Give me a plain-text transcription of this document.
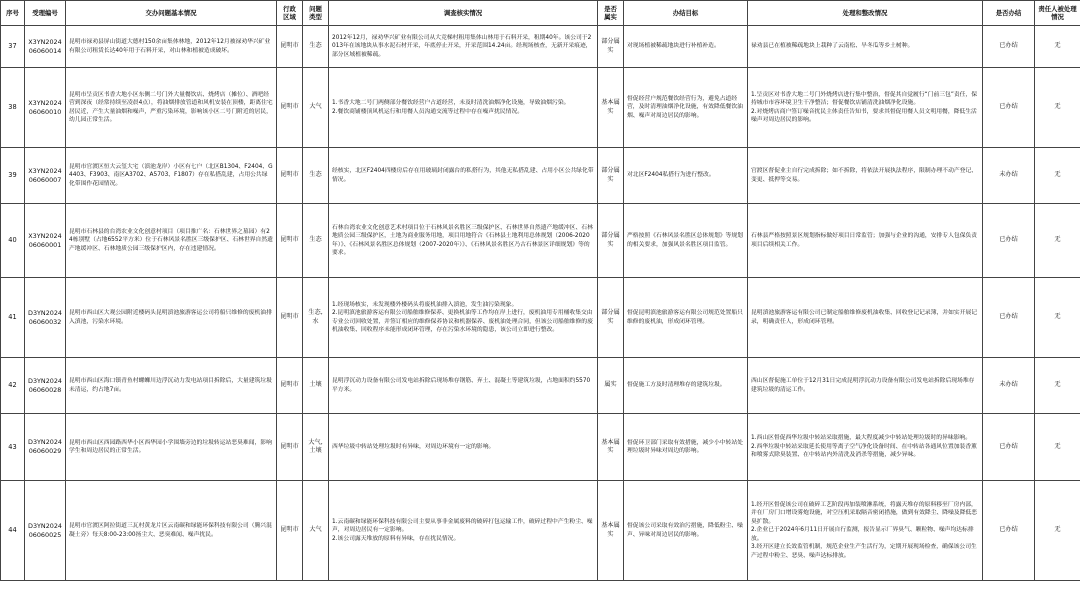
序号	受理编号	交办问题基本情况	行政区域	问题类型	调查核实情况	是否属实	办结目标	处理和整改情况	是否办结	责任人被处理情况
37	X3YN2024 06060014	昆明市禄劝县屏山街道大德村150余亩集体林地，2012年12月被禄劝华兴矿业有限公司租赁长达40年用于石料开采，对山林和植被造成破坏。	昆明市	生态	2012年12月，禄劝华兴矿业有限公司从大竞梯村租用集体山林用于石料开采，租期40年。该公司于2013年在该地块从事水泥石材开采，年底停止开采，开采范围14.24亩。经现场核查，无新开采痕迹，部分区域植被稀疏。	部分属实	对现场植被稀疏地块进行补植补造。	禄劝县已在植被稀疏地块上栽种了云南松、旱冬瓜等乡土树种。	已办结	无
38	X3YN2024 06060010	昆明市呈贡区书香大地小区东侧二号门外大量餐饮店、烧烤店（摊位）、酒吧经营到深夜（经常持续至凌晨4点），将油烟排放管道和风机安装在顶楼，距离住宅居民近，产生大量油烟和噪声，严重污染环境，影响该小区二号门附近的居民，幼儿园正常生活。	昆明市	大气	1.书香大地二号门两侧部分餐饮经营户占道经营，未及时清洗油烟净化设施，导致油烟污染。
2.餐饮商铺楼顶风机运行和用餐人员沟通交流等过程中存在噪声扰民情况。	基本属实	督促经营户规范餐饮经营行为，避免占道经营，及时清理油烟净化设施，有效降低餐饮油烟、噪声对周边居民的影响。	1.呈贡区对书香大地二号门外烧烤店进行集中整治，督促其自觉履行“门前三包”责任，保持城市市容环境卫生干净整洁；督促餐饮店铺清洗油烟净化设施。
2.对烧烤店商户签订噪音扰民主体责任告知书，要求其督促用餐人员文明用餐，降低生活噪声对周边居民的影响。	已办结	无
39	X3YN2024 06060007	昆明市官渡区恒大云玺大宅（滇池龙岸）小区有七户（北区B1304、F2404、G4403、F3903、南区A3702、A5703、F1807）存在私搭乱建，占用公共绿化带围作花园情况。	昆明市	生态	经核实，北区F2404四楼房后存在用玻璃封闭露台的私搭行为，其他无私搭乱建、占用小区公共绿化带情况。	部分属实	对北区F2404私搭行为进行整改。	官渡区督促业主自行完成拆除；如不拆除，将依法开展执法程序，限制办理不动产登记、变更、抵押等交易。	未办结	无
40	X3YN2024 06060001	昆明市石林县的台湾农业文化创意村项目（项目推广名：石林世界之墓园）有24栋别墅（占地6552平方米）位于石林风景名胜区三级保护区、石林世界自然遗产地缓冲区、石林地质公园三级保护区内，存在违建情况。	昆明市	生态	石林台湾农业文化创意艺术村项目位于石林风景名胜区三级保护区、石林世界自然遗产地缓冲区、石林地质公园三级保护区，土地为商业服务用地，项目用地符合《石林县土地利用总体规划（2006-2020年）》、《石林风景名胜区总体规划（2007-2020年）》、《石林风景名胜区乃古石林景区详细规划》等的要求。	部分属实	严格按照《石林风景名胜区总体规划》等规划的相关要求，加强风景名胜区项目监管。	石林县严格按照景区规划指标做好项目日常监管；加强与企业的沟通，安排专人包保负责项目后续相关工作。	已办结	无
41	D3YN2024 06060032	昆明市西山区大观公园附近楼码头昆明滇池旅游客运公司将船只维修的废机油排入滇池，污染水环境。	昆明市	生态,水	1.经现场核实，未发现楼外楼码头将废机油排入滇池，发生油污染现象。
2.昆明滇池旅游客运有限公司船舶维修保养、更换机油等工作均在岸上进行，废机油用专用桶收集交由专业公司回收处置，并签订相应的维修保养协议和机器保养、废机油处理合同，但该公司船舶维修的废机油收集、回收程序未能形成闭环管理，存在污染水环境的隐患，该公司立即进行整改。	部分属实	督促昆明滇池旅游客运有限公司规范处置船只维修的废机油，形成闭环管理。	昆明滇池旅游客运有限公司已制定船舶维修废机油收集、回收登记记录簿，并如实开展记录，明确责任人，形成闭环管理。	已办结	无
42	D3YN2024 06060028	昆明市西山区海口镇青鱼村螺蛳川边浮沉动力发电站项目拆除后，大量建筑垃圾未清运，约占地7亩。	昆明市	土壤	昆明浮沉动力设备有限公司发电站拆除后现场堆存钢筋、弃土、混凝土等建筑垃圾，占地面积约5570平方米。	属实	督促施工方及时清理堆存的建筑垃圾。	西山区督促施工单位于12月31日完成昆明浮沉动力设备有限公司发电站拆除后现场堆存建筑垃圾的清运工作。	未办结	无
43	D3YN2024 06060029	昆明市西山区西园路西华小区西华园小学围墙旁边的垃圾转运站恶臭难闻，影响学生和周边居民的正常生活。	昆明市	大气,土壤	西华垃圾中转站处理垃圾时有异味，对周边环境有一定的影响。	基本属实	督促环卫部门采取有效措施，减少小中转站处理垃圾时异味对周边的影响。	1.西山区督促西华垃圾中转站采取措施，最大程度减少中转站处理垃圾时的异味影响。
2.西华垃圾中转站采取延长使用等离子空气净化设备时间、在中转站各通风位置加装香薰和喷雾式除臭装置、在中转站内外清洗及消杀等措施，减少异味。	已办结	无
44	D3YN2024 06060025	昆明市官渡区阿拉街道三瓦村黄龙片区云南碳和绿能环保科技有限公司（腾兴混凝土旁）每天8:00-23:00扬尘大、恶臭难闻、噪声扰民。	昆明市	大气	1.云南碳和绿能环保科技有限公司主要从事非金属废料的破碎打包运输工作，破碎过程中产生粉尘、噪声，对周边居民有一定影响。
2.该公司露天堆放的原料有异味，存在扰民情况。	基本属实	督促该公司采取有效治污措施，降低粉尘、噪声、异味对周边居民的影响。	1.经开区督促该公司在破碎工艺阶段再加装喷淋系统，将露天堆存的原料移至厂房内部，并在厂房门口增设雾炮设施，对空压机采取隔音密闭措施，做到有效降尘、降噪及降低恶臭扩散。
2.企业已于2024年6月11日开展自行监测，报告显示厂界臭气、颗粒物、噪声均达标排放。
3.经开区建立长效监管机制，规范企业生产生活行为，定期开展现场检查，确保该公司生产过程中粉尘、恶臭、噪声达标排放。	已办结	无
